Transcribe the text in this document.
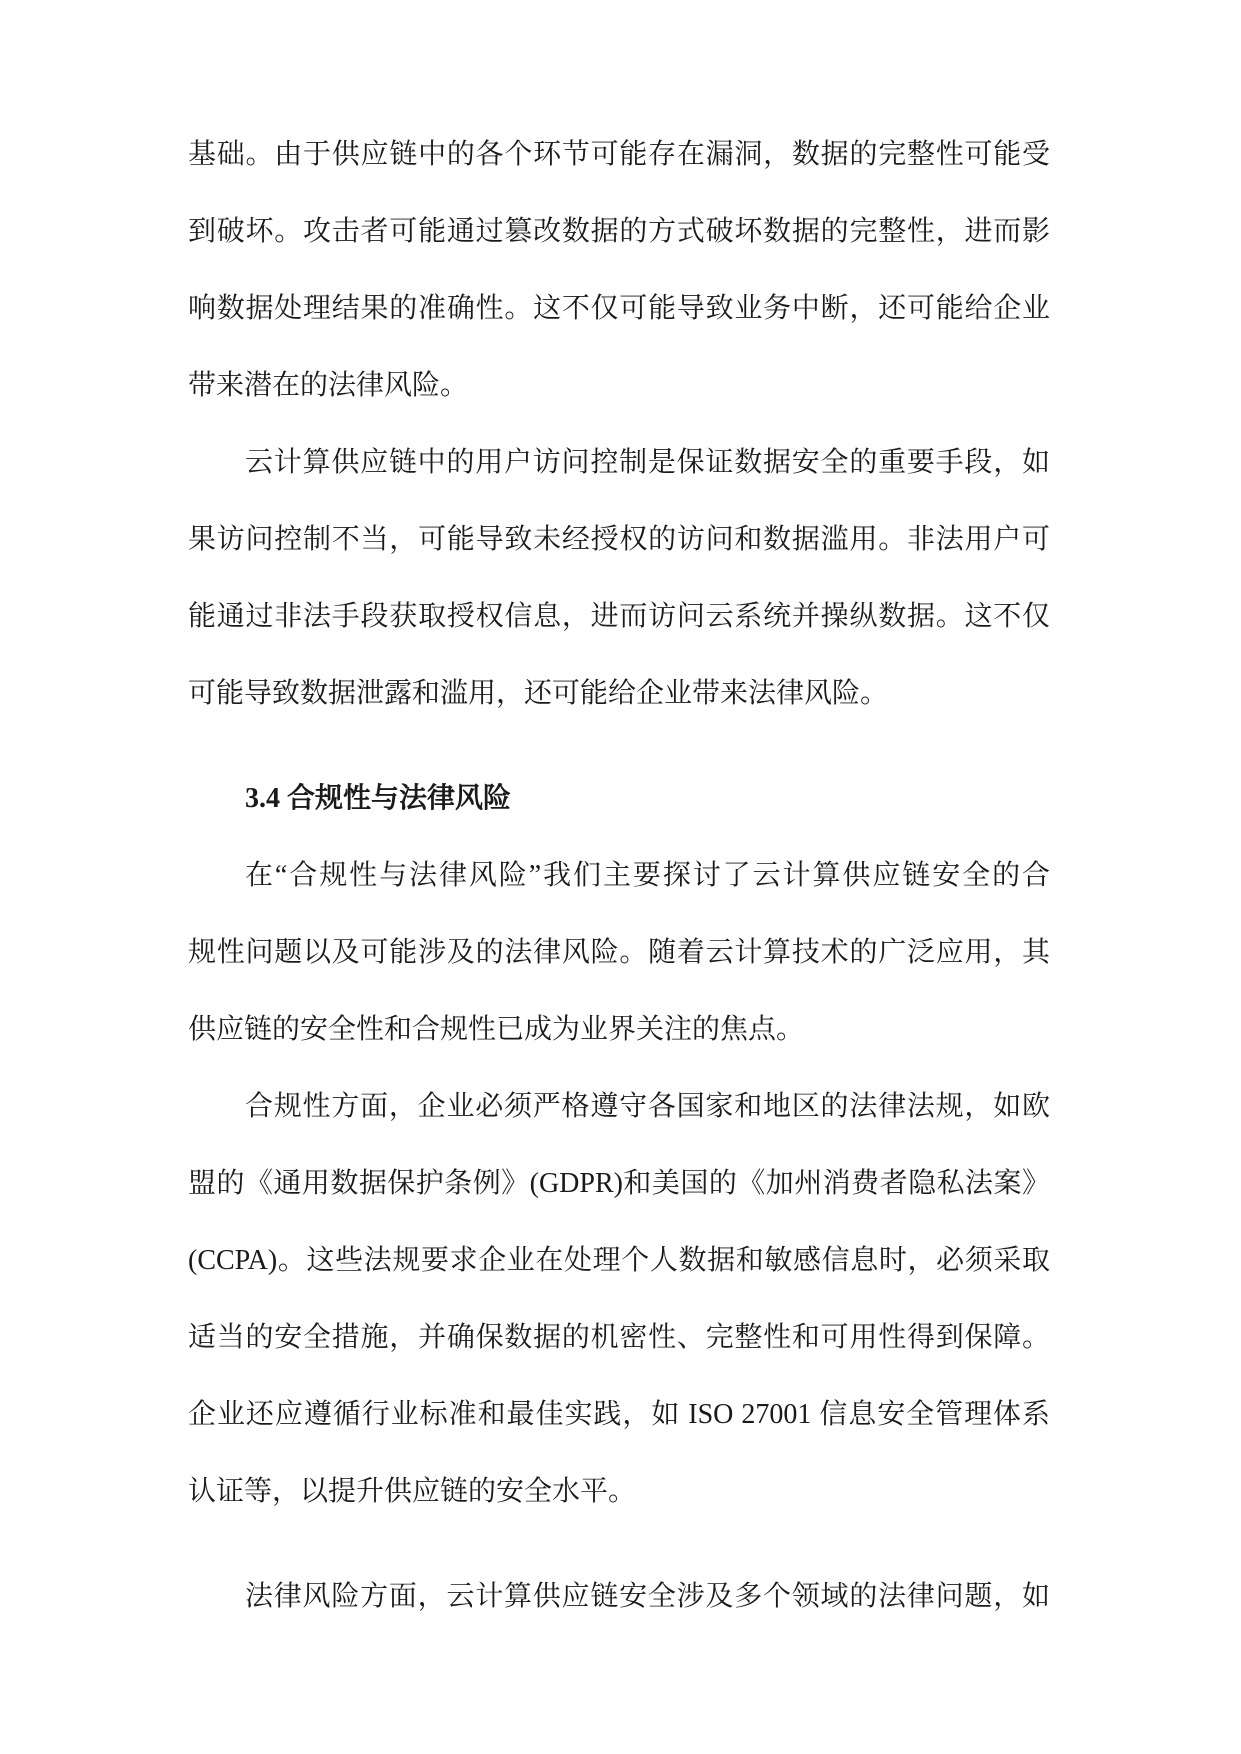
基础。由于供应链中的各个环节可能存在漏洞，数据的完整性可能受
到破坏。攻击者可能通过篡改数据的方式破坏数据的完整性，进而影
响数据处理结果的准确性。这不仅可能导致业务中断，还可能给企业
带来潜在的法律风险。
云计算供应链中的用户访问控制是保证数据安全的重要手段，如
果访问控制不当，可能导致未经授权的访问和数据滥用。非法用户可
能通过非法手段获取授权信息，进而访问云系统并操纵数据。这不仅
可能导致数据泄露和滥用，还可能给企业带来法律风险。
3.4 合规性与法律风险
在“合规性与法律风险”我们主要探讨了云计算供应链安全的合
规性问题以及可能涉及的法律风险。随着云计算技术的广泛应用，其
供应链的安全性和合规性已成为业界关注的焦点。
合规性方面，企业必须严格遵守各国家和地区的法律法规，如欧
盟的《通用数据保护条例》(GDPR)和美国的《加州消费者隐私法案》
(CCPA)。这些法规要求企业在处理个人数据和敏感信息时，必须采取
适当的安全措施，并确保数据的机密性、完整性和可用性得到保障。
企业还应遵循行业标准和最佳实践，如 ISO 27001 信息安全管理体系
认证等，以提升供应链的安全水平。
法律风险方面，云计算供应链安全涉及多个领域的法律问题，如
